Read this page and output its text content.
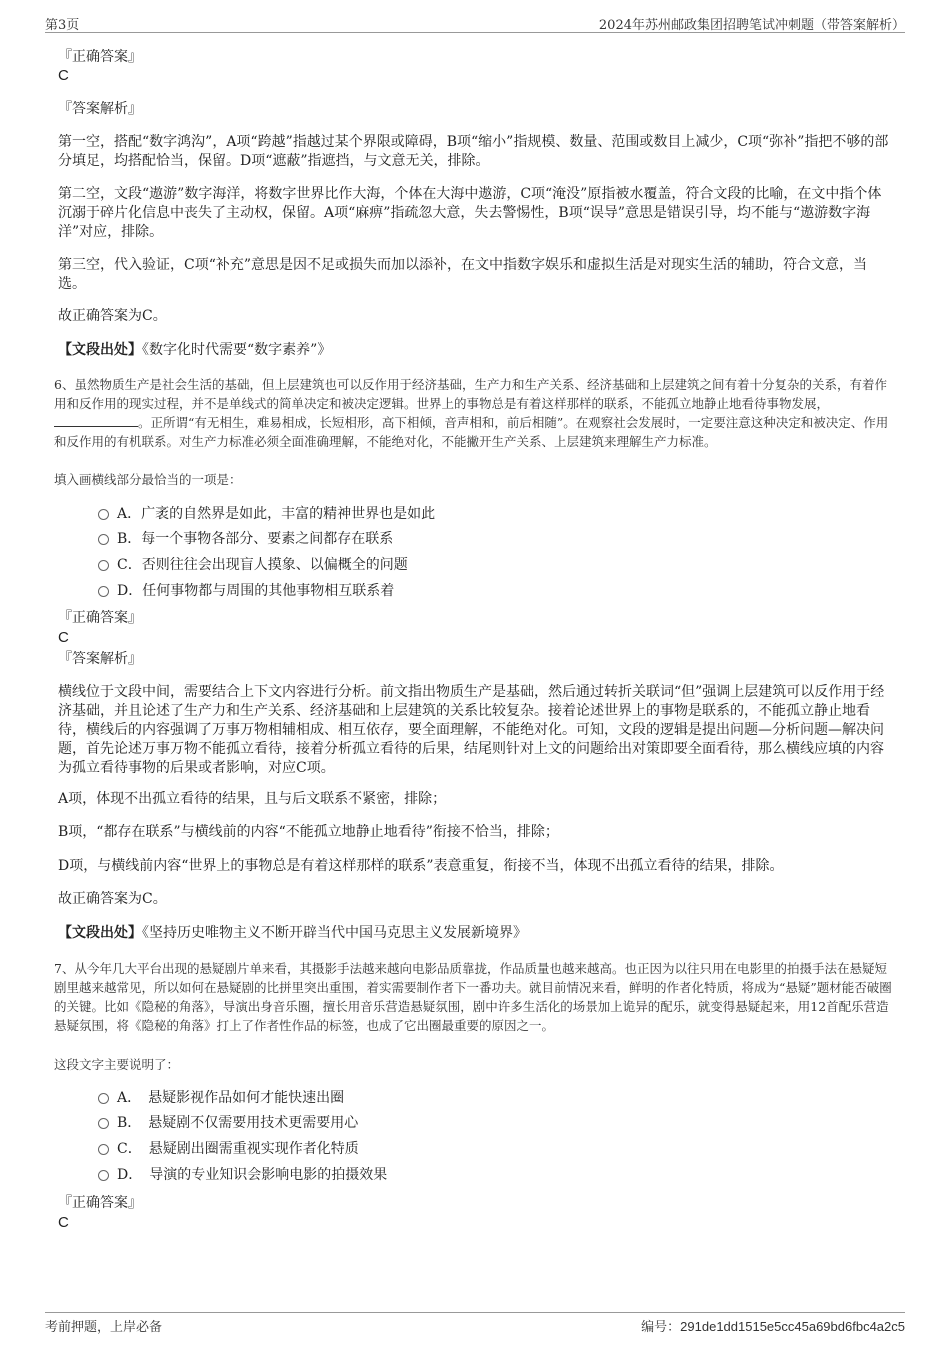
第3页	2024年苏州邮政集团招聘笔试冲刺题（带答案解析）
『正确答案』
C
『答案解析』
第一空，搭配“数字鸿沟”，A项“跨越”指越过某个界限或障碍，B项“缩小”指规模、数量、范围或数目上减少，C项“弥补”指把不够的部分填足，均搭配恰当，保留。D项“遮蔽”指遮挡，与文意无关，排除。
第二空，文段“遨游”数字海洋，将数字世界比作大海，个体在大海中遨游，C项“淹没”原指被水覆盖，符合文段的比喻，在文中指个体沉溺于碎片化信息中丧失了主动权，保留。A项“麻痹”指疏忽大意，失去警惕性，B项“误导”意思是错误引导，均不能与“遨游数字海洋”对应，排除。
第三空，代入验证，C项“补充”意思是因不足或损失而加以添补，在文中指数字娱乐和虚拟生活是对现实生活的辅助，符合文意，当选。
故正确答案为C。
【文段出处】《数字化时代需要“数字素养”》
6、虽然物质生产是社会生活的基础，但上层建筑也可以反作用于经济基础，生产力和生产关系、经济基础和上层建筑之间有着十分复杂的关系，有着作用和反作用的现实过程，并不是单线式的简单决定和被决定逻辑。世界上的事物总是有着这样那样的联系，不能孤立地静止地看待事物发展，。正所谓“有无相生，难易相成，长短相形，高下相倾，音声相和，前后相随”。在观察社会发展时，一定要注意这种决定和被决定、作用和反作用的有机联系。对生产力标准必须全面准确理解，不能绝对化，不能撇开生产关系、上层建筑来理解生产力标准。
填入画横线部分最恰当的一项是：
A．广袤的自然界是如此，丰富的精神世界也是如此
B．每一个事物各部分、要素之间都存在联系
C．否则往往会出现盲人摸象、以偏概全的问题
D．任何事物都与周围的其他事物相互联系着
『正确答案』
C
『答案解析』
横线位于文段中间，需要结合上下文内容进行分析。前文指出物质生产是基础，然后通过转折关联词“但”强调上层建筑可以反作用于经济基础，并且论述了生产力和生产关系、经济基础和上层建筑的关系比较复杂。接着论述世界上的事物是联系的，不能孤立静止地看待，横线后的内容强调了万事万物相辅相成、相互依存，要全面理解，不能绝对化。可知，文段的逻辑是提出问题—分析问题—解决问题，首先论述万事万物不能孤立看待，接着分析孤立看待的后果，结尾则针对上文的问题给出对策即要全面看待，那么横线应填的内容为孤立看待事物的后果或者影响，对应C项。
A项，体现不出孤立看待的结果，且与后文联系不紧密，排除；
B项，“都存在联系”与横线前的内容“不能孤立地静止地看待”衔接不恰当，排除；
D项，与横线前内容“世界上的事物总是有着这样那样的联系”表意重复，衔接不当，体现不出孤立看待的结果，排除。
故正确答案为C。
【文段出处】《坚持历史唯物主义不断开辟当代中国马克思主义发展新境界》
7、从今年几大平台出现的悬疑剧片单来看，其摄影手法越来越向电影品质靠拢，作品质量也越来越高。也正因为以往只用在电影里的拍摄手法在悬疑短剧里越来越常见，所以如何在悬疑剧的比拼里突出重围，着实需要制作者下一番功夫。就目前情况来看，鲜明的作者化特质，将成为“悬疑”题材能否破圈的关键。比如《隐秘的角落》，导演出身音乐圈，擅长用音乐营造悬疑氛围，剧中许多生活化的场景加上诡异的配乐，就变得悬疑起来，用12首配乐营造悬疑氛围，将《隐秘的角落》打上了作者性作品的标签，也成了它出圈最重要的原因之一。
这段文字主要说明了：
A．　悬疑影视作品如何才能快速出圈
B．　悬疑剧不仅需要用技术更需要用心
C．　悬疑剧出圈需重视实现作者化特质
D．　导演的专业知识会影响电影的拍摄效果
『正确答案』
C
考前押题，上岸必备	编号：291de1dd1515e5cc45a69bd6fbc4a2c5
